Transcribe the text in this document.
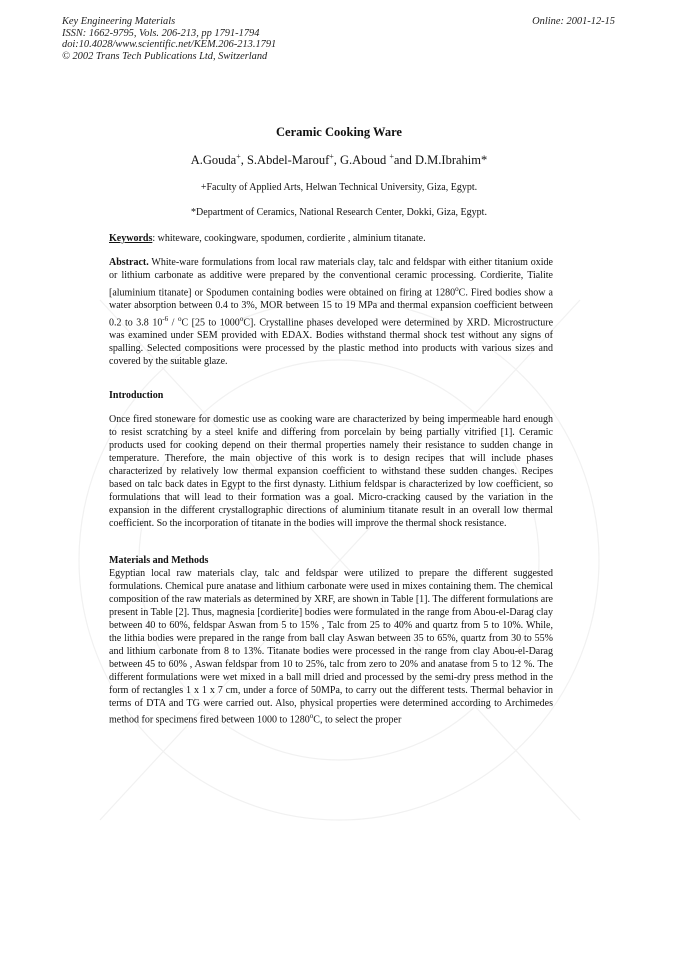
Key Engineering Materials
ISSN: 1662-9795, Vols. 206-213, pp 1791-1794
doi:10.4028/www.scientific.net/KEM.206-213.1791
© 2002 Trans Tech Publications Ltd, Switzerland
Online: 2001-12-15
Ceramic Cooking Ware
A.Gouda+, S.Abdel-Marouf+, G.Aboud +and D.M.Ibrahim*
+Faculty of Applied Arts, Helwan Technical University, Giza, Egypt.
*Department of Ceramics, National Research Center, Dokki, Giza, Egypt.
Keywords: whiteware, cookingware, spodumen, cordierite , alminium titanate.
Abstract. White-ware formulations from local raw materials clay, talc and feldspar with either titanium oxide or lithium carbonate as additive were prepared by the conventional ceramic processing. Cordierite, Tialite [aluminium titanate] or Spodumen containing bodies were obtained on firing at 1280$^o$C. Fired bodies show a water absorption between 0.4 to 3%, MOR between 15 to 19 MPa and thermal expansion coefficient between 0.2 to 3.8 $10^{-6} / ^oC$ [25 to 1000$^o$C]. Crystalline phases developed were determined by XRD. Microstructure was examined under SEM provided with EDAX. Bodies withstand thermal shock test without any signs of spalling. Selected compositions were processed by the plastic method into products with various sizes and covered by the suitable glaze.
Introduction
Once fired stoneware for domestic use as cooking ware are characterized by being impermeable hard enough to resist scratching by a steel knife and differing from porcelain by being partially vitrified [1]. Ceramic products used for cooking depend on their thermal properties namely their resistance to sudden change in temperature. Therefore, the main objective of this work is to design recipes that will include phases characterized by relatively low thermal expansion coefficient to withstand these sudden changes. Recipes based on talc back dates in Egypt to the first dynasty. Lithium feldspar is characterized by low coefficient, so formulations that will lead to their formation was a goal. Micro-cracking caused by the variation in the expansion in the different crystallographic directions of aluminium titanate result in an overall low thermal coefficient. So the incorporation of titanate in the bodies will improve the thermal shock resistance.
Materials and Methods
Egyptian local raw materials clay, talc and feldspar were utilized to prepare the different suggested formulations. Chemical pure anatase and lithium carbonate were used in mixes containing them. The chemical composition of the raw materials as determined by XRF, are shown in Table [1]. The different formulations are present in Table [2]. Thus, magnesia [cordierite] bodies were formulated in the range from Abou-el-Darag clay between 40 to 60%, feldspar Aswan from 5 to 15% , Talc from 25 to 40% and quartz from 5 to 10%. While, the lithia bodies were prepared in the range from ball clay Aswan between 35 to 65%, quartz from 30 to 55% and lithium carbonate from 8 to 13%. Titanate bodies were processed in the range from clay Abou-el-Darag between 45 to 60% , Aswan feldspar from 10 to 25%, talc from zero to 20% and anatase from 5 to 12 %. The different formulations were wet mixed in a ball mill dried and processed by the semi-dry press method in the form of rectangles 1 x 1 x 7 cm, under a force of 50MPa, to carry out the different tests. Thermal behavior in terms of DTA and TG were carried out. Also, physical properties were determined according to Archimedes method for specimens fired between 1000 to 1280$^o$C, to select the proper
